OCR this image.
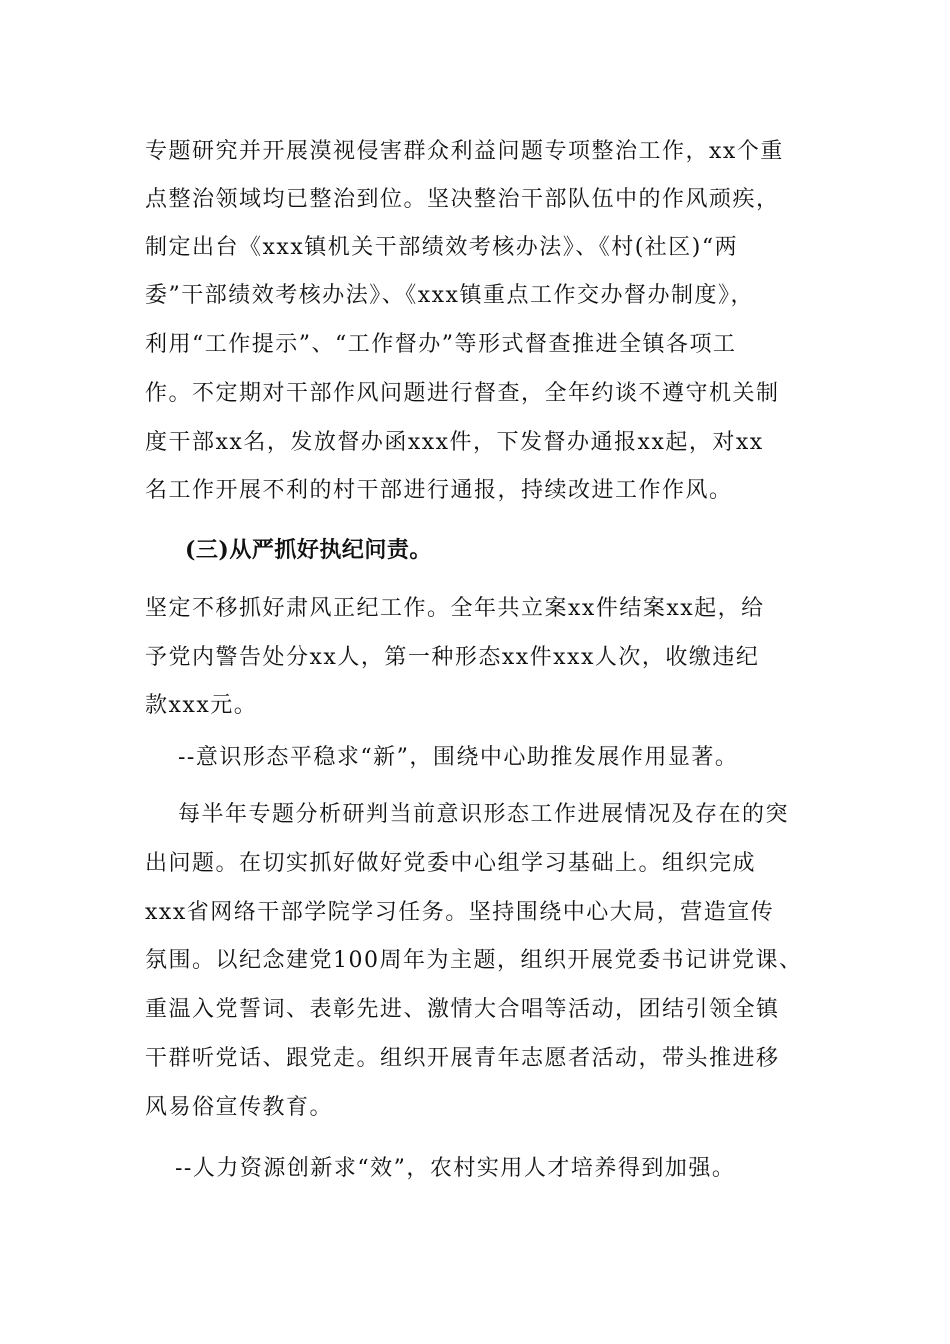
专题研究并开展漠视侵害群众利益问题专项整治工作，xx个重
点整治领域均已整治到位。坚决整治干部队伍中的作风顽疾，
制定出台《xxx镇机关干部绩效考核办法》、《村(社区)“两
委”干部绩效考核办法》、《xxx镇重点工作交办督办制度》，
利用“工作提示”、“工作督办”等形式督查推进全镇各项工
作。不定期对干部作风问题进行督查，全年约谈不遵守机关制
度干部xx名，发放督办函xxx件，下发督办通报xx起，对xx
名工作开展不利的村干部进行通报，持续改进工作作风。
(三)从严抓好执纪问责。
坚定不移抓好肃风正纪工作。全年共立案xx件结案xx起，给
予党内警告处分xx人，第一种形态xx件xxx人次，收缴违纪
款xxx元。
--意识形态平稳求“新”，围绕中心助推发展作用显著。
每半年专题分析研判当前意识形态工作进展情况及存在的突
出问题。在切实抓好做好党委中心组学习基础上。组织完成
xxx省网络干部学院学习任务。坚持围绕中心大局，营造宣传
氛围。以纪念建党100周年为主题，组织开展党委书记讲党课、
重温入党誓词、表彰先进、激情大合唱等活动，团结引领全镇
干群听党话、跟党走。组织开展青年志愿者活动，带头推进移
风易俗宣传教育。
--人力资源创新求“效”，农村实用人才培养得到加强。
